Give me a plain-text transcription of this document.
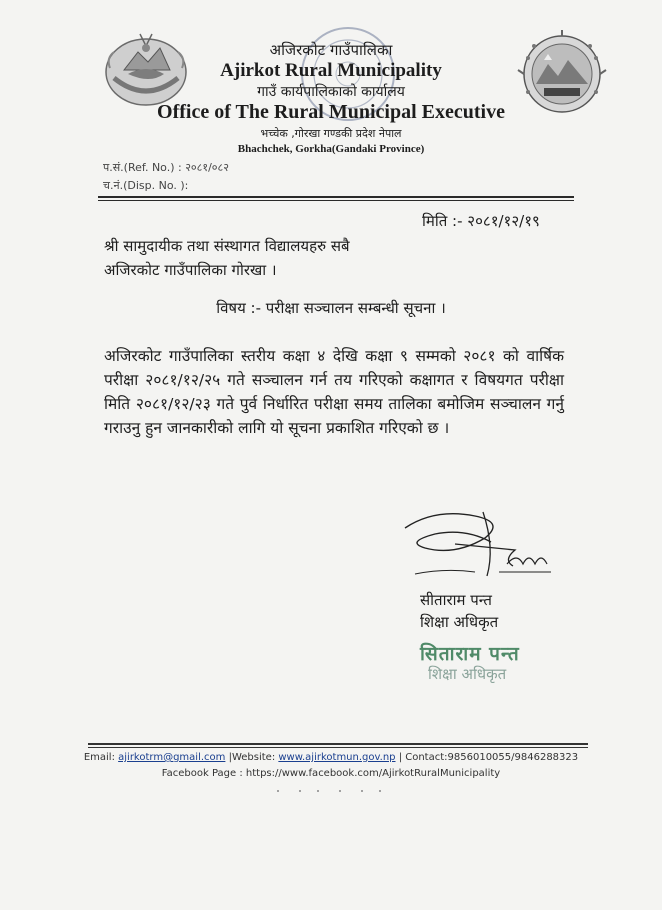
अजिरकोट गाउँपालिका
Ajirkot Rural Municipality
गाउँ कार्यपालिकाको कार्यालय
Office of The Rural Municipal Executive
भच्चेक ,गोरखा गण्डकी प्रदेश नेपाल
Bhachchek, Gorkha(Gandaki Province)
प.सं.(Ref. No.) : २०८१/०८२
च.नं.(Disp. No. ):
मिति :- २०८१/१२/१९
श्री सामुदायीक तथा संस्थागत विद्यालयहरु सबै
अजिरकोट गाउँपालिका गोरखा ।
विषय :- परीक्षा सञ्चालन सम्बन्धी सूचना ।
अजिरकोट गाउँपालिका स्तरीय कक्षा ४ देखि कक्षा ९ सम्मको २०८१ को वार्षिक परीक्षा २०८१/१२/२५ गते सञ्चालन गर्न तय गरिएको कक्षागत र विषयगत परीक्षा मिति २०८१/१२/२३ गते पुर्व निर्धारित परीक्षा समय तालिका बमोजिम सञ्चालन गर्नु गराउनु हुन जानकारीको लागि यो सूचना प्रकाशित गरिएको छ ।
सीताराम पन्त
शिक्षा अधिकृत
सिताराम पन्त
शिक्षा अधिकृत
Email: ajirkotrm@gmail.com |Website: www.ajirkotmun.gov.np | Contact:9856010055/9846288323
Facebook Page : https://www.facebook.com/AjirkotRuralMunicipality
